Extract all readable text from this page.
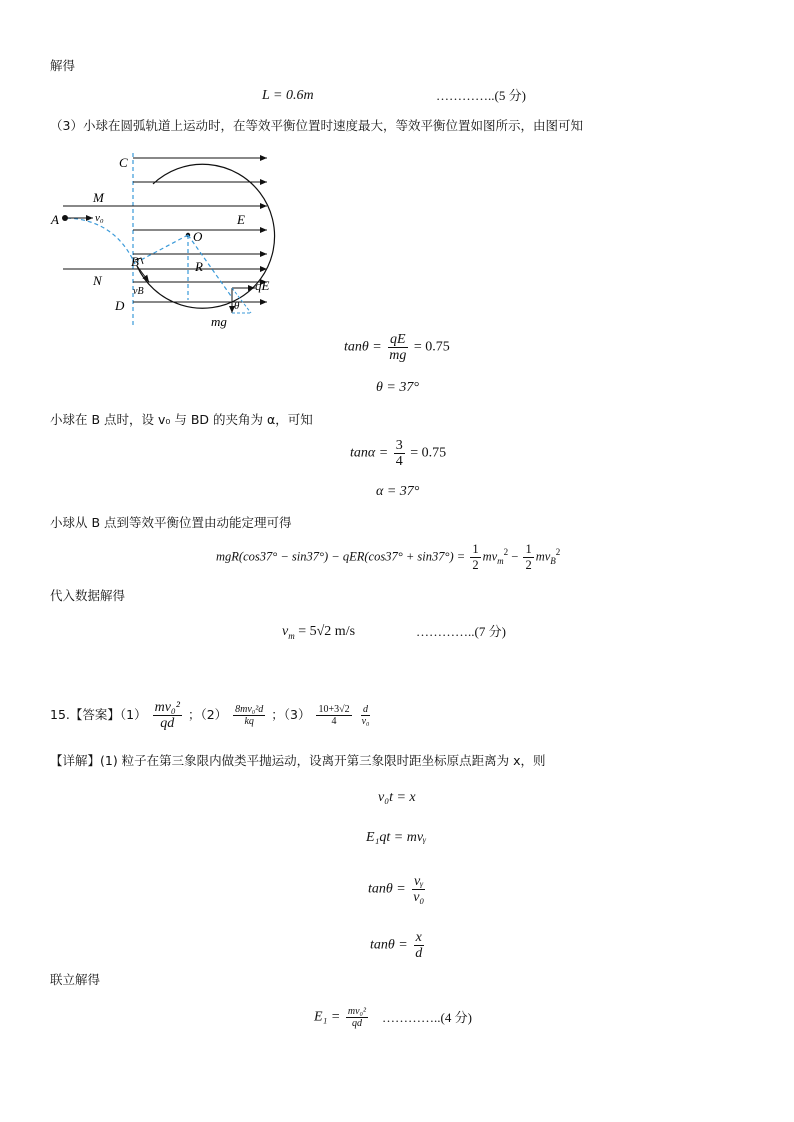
解得
L = 0.6m	…………..(5 分)
（3）小球在圆弧轨道上运动时，在等效平衡位置时速度最大，等效平衡位置如图所示，由图可知
C
M
A	v₀	E
O
B	R
N
vB	qE
D	θ
mg
$\tan\theta = \frac{qE}{mg} = 0.75$
θ = 37°
小球在 B 点时，设 v₀ 与 BD 的夹角为 α，可知
$\tan\alpha = \frac{3}{4} = 0.75$
α = 37°
小球从 B 点到等效平衡位置由动能定理可得
$mgR(\cos 37^\circ - \sin 37^\circ) - qER(\cos 37^\circ + \sin 37^\circ) = \frac{1}{2} mv_m^2 - \frac{1}{2} mv_B^2$
代入数据解得
$v_m = 5√2$ m/s	…………..(7 分)
15.【答案】$(1) \frac{\text{mv₀²}}{qd}$ ；$(2) \frac{\text{8mv₀²d}}{kq}$ ；$(3) \frac{10+3√2}{4}$
$\frac{d}{\text{v₀}}$
【详解】(1) 粒子在第三象限内做类平抛运动，设离开第三象限时距坐标原点距离为 x，则
v₀t = x
E₁qt = mvᵧ
$\tan\theta = \frac{\text{vᵧ}}{\text{v₀}}$
$\tan\theta = \frac{x}{d}$
联立解得
$E_1 = \frac{\text{mv₀²}}{qd}$ …………..(4 分)
